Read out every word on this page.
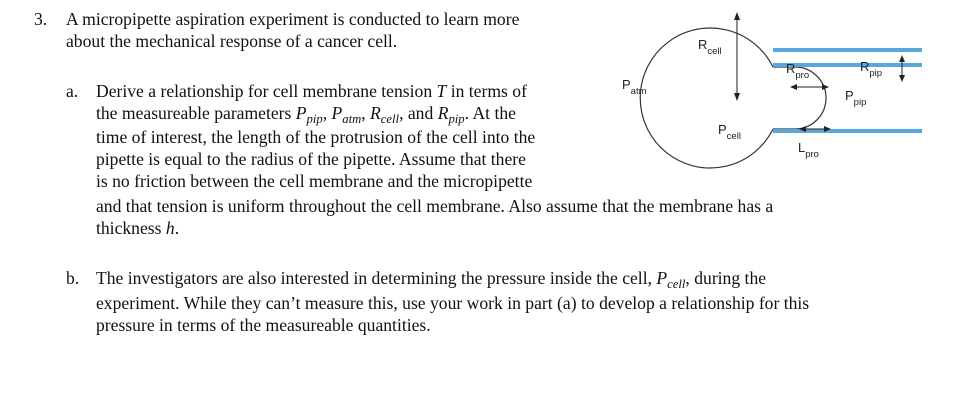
$P_{atm}$
$R_{cell}$
$R_{pro}$
$R_{pip}$
$P_{pip}$
$P_{cell}$
$L_{pro}$
3. A micropipette aspiration experiment is conducted to learn more
about the mechanical response of a cancer cell.
a. Derive a relationship for cell membrane tension T in terms of
the measureable parameters $P_{pip}$, $P_{atm}$, $R_{cell}$, and $R_{pip}$. At the
time of interest, the length of the protrusion of the cell into the
pipette is equal to the radius of the pipette. Assume that there
is no friction between the cell membrane and the micropipette
and that tension is uniform throughout the cell membrane. Also assume that the membrane has a
thickness h.
b. The investigators are also interested in determining the pressure inside the cell, $P_{cell}$, during the
experiment. While they can’t measure this, use your work in part (a) to develop a relationship for this
pressure in terms of the measureable quantities.
